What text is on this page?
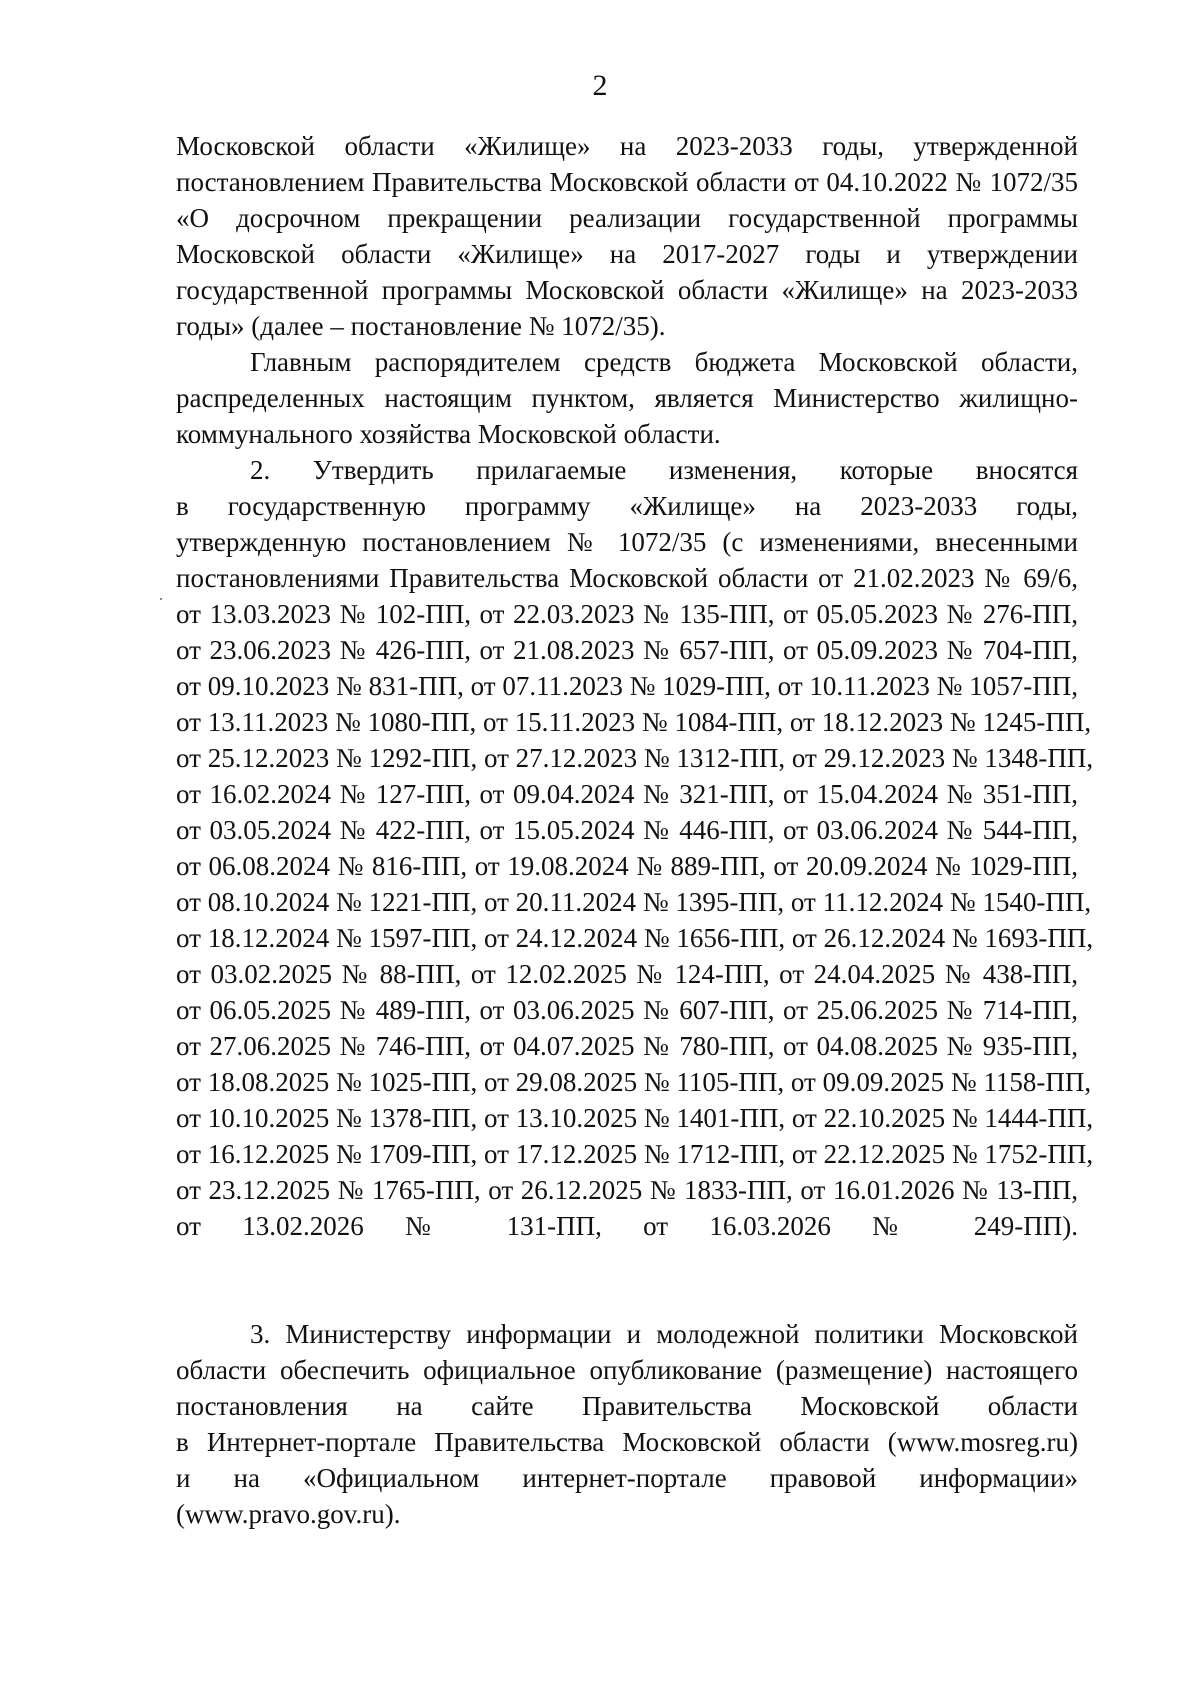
2
Московской области «Жилище» на 2023-2033 годы, утвержденной
постановлением Правительства Московской области от 04.10.2022 № 1072/35
«О досрочном прекращении реализации государственной программы
Московской области «Жилище» на 2017-2027 годы и утверждении
государственной программы Московской области «Жилище» на 2023-2033
годы» (далее – постановление № 1072/35).
Главным распорядителем средств бюджета Московской области,
распределенных настоящим пунктом, является Министерство жилищно-
коммунального хозяйства Московской области.
2. Утвердить прилагаемые изменения, которые вносятся
в государственную программу «Жилище» на 2023-2033 годы,
утвержденную постановлением № 1072/35 (с изменениями, внесенными
постановлениями Правительства Московской области от 21.02.2023 № 69/6,
от 13.03.2023 № 102-ПП, от 22.03.2023 № 135-ПП, от 05.05.2023 № 276-ПП,
от 23.06.2023 № 426-ПП, от 21.08.2023 № 657-ПП, от 05.09.2023 № 704-ПП,
от 09.10.2023 № 831-ПП, от 07.11.2023 № 1029-ПП, от 10.11.2023 № 1057-ПП,
от 13.11.2023 № 1080-ПП, от 15.11.2023 № 1084-ПП, от 18.12.2023 № 1245-ПП,
от 25.12.2023 № 1292-ПП, от 27.12.2023 № 1312-ПП, от 29.12.2023 № 1348-ПП,
от 16.02.2024 № 127-ПП, от 09.04.2024 № 321-ПП, от 15.04.2024 № 351-ПП,
от 03.05.2024 № 422-ПП, от 15.05.2024 № 446-ПП, от 03.06.2024 № 544-ПП,
от 06.08.2024 № 816-ПП, от 19.08.2024 № 889-ПП, от 20.09.2024 № 1029-ПП,
от 08.10.2024 № 1221-ПП, от 20.11.2024 № 1395-ПП, от 11.12.2024 № 1540-ПП,
от 18.12.2024 № 1597-ПП, от 24.12.2024 № 1656-ПП, от 26.12.2024 № 1693-ПП,
от 03.02.2025 № 88-ПП, от 12.02.2025 № 124-ПП, от 24.04.2025 № 438-ПП,
от 06.05.2025 № 489-ПП, от 03.06.2025 № 607-ПП, от 25.06.2025 № 714-ПП,
от 27.06.2025 № 746-ПП, от 04.07.2025 № 780-ПП, от 04.08.2025 № 935-ПП,
от 18.08.2025 № 1025-ПП, от 29.08.2025 № 1105-ПП, от 09.09.2025 № 1158-ПП,
от 10.10.2025 № 1378-ПП, от 13.10.2025 № 1401-ПП, от 22.10.2025 № 1444-ПП,
от 16.12.2025 № 1709-ПП, от 17.12.2025 № 1712-ПП, от 22.12.2025 № 1752-ПП,
от 23.12.2025 № 1765-ПП, от 26.12.2025 № 1833-ПП, от 16.01.2026 № 13-ПП,
от 13.02.2026 № 131-ПП, от 16.03.2026 № 249-ПП).
3. Министерству информации и молодежной политики Московской
области обеспечить официальное опубликование (размещение) настоящего
постановления на сайте Правительства Московской области
в Интернет-портале Правительства Московской области (www.mosreg.ru)
и на «Официальном интернет-портале правовой информации»
(www.pravo.gov.ru).
